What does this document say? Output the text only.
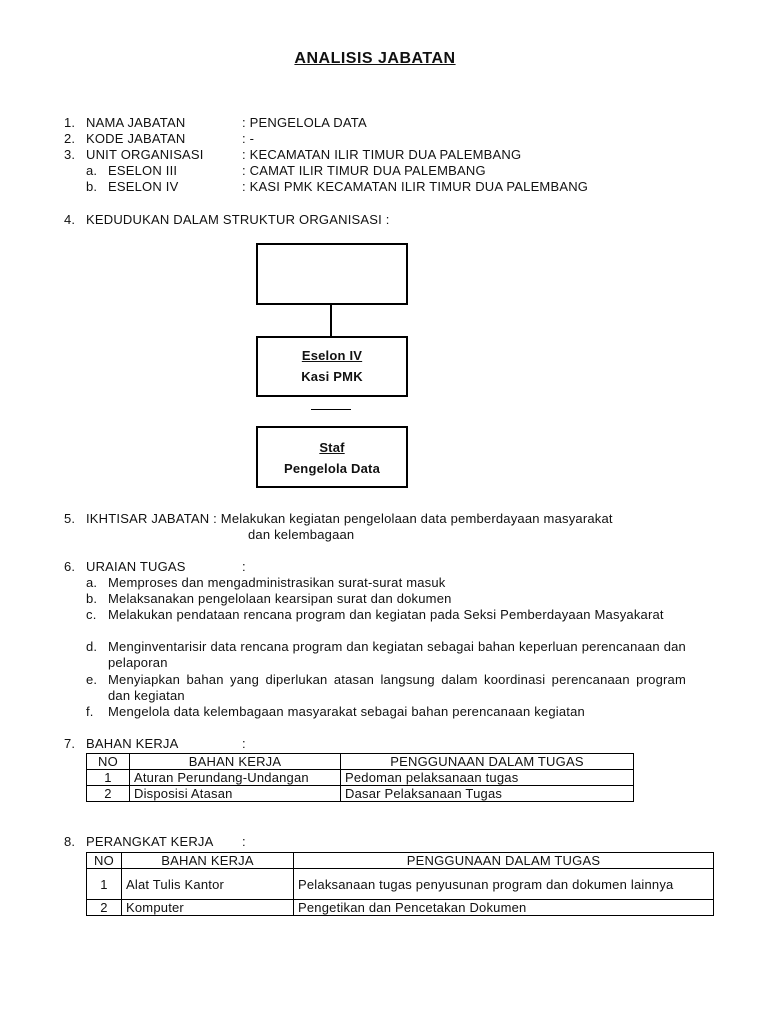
ANALISIS JABATAN
1. NAMA JABATAN	: PENGELOLA DATA
2. KODE JABATAN	: -
3. UNIT ORGANISASI	: KECAMATAN ILIR TIMUR DUA PALEMBANG
a. ESELON III	: CAMAT ILIR TIMUR DUA PALEMBANG
b. ESELON IV	: KASI PMK KECAMATAN ILIR TIMUR DUA PALEMBANG
4. KEDUDUKAN DALAM STRUKTUR ORGANISASI :
Eselon IV
Kasi PMK
Staf
Pengelola Data
5. IKHTISAR JABATAN : Melakukan kegiatan pengelolaan data pemberdayaan masyarakat
dan kelembagaan
6. URAIAN TUGAS	:
a. Memproses dan mengadministrasikan surat-surat masuk
b. Melaksanakan pengelolaan kearsipan surat dan dokumen
c. Melakukan pendataan rencana program dan kegiatan pada Seksi Pemberdayaan Masyakarat
d. Menginventarisir data rencana program dan kegiatan sebagai bahan keperluan perencanaan dan pelaporan
e. Menyiapkan bahan yang diperlukan atasan langsung dalam koordinasi perencanaan program dan kegiatan
f. Mengelola data kelembagaan masyarakat sebagai bahan perencanaan kegiatan
7. BAHAN KERJA	:
NO	BAHAN KERJA	PENGGUNAAN DALAM TUGAS
1	Aturan Perundang-Undangan	Pedoman pelaksanaan tugas
2	Disposisi Atasan	Dasar Pelaksanaan Tugas
8. PERANGKAT KERJA :
NO	BAHAN KERJA	PENGGUNAAN DALAM TUGAS
1	Alat Tulis Kantor	Pelaksanaan tugas penyusunan program dan dokumen lainnya
2	Komputer	Pengetikan dan Pencetakan Dokumen
